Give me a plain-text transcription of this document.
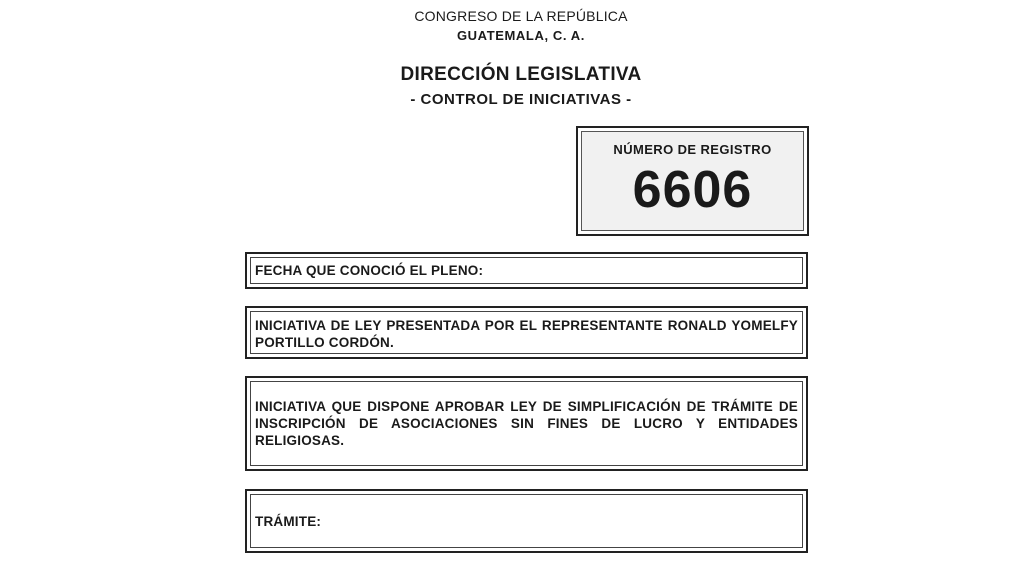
CONGRESO DE LA REPÚBLICA
GUATEMALA, C. A.
DIRECCIÓN LEGISLATIVA
- CONTROL DE INICIATIVAS -
NÚMERO DE REGISTRO
6606
FECHA QUE CONOCIÓ EL PLENO:
INICIATIVA DE LEY PRESENTADA POR EL REPRESENTANTE RONALD YOMELFY PORTILLO CORDÓN.
INICIATIVA QUE DISPONE APROBAR LEY DE SIMPLIFICACIÓN DE TRÁMITE DE INSCRIPCIÓN DE ASOCIACIONES SIN FINES DE LUCRO Y ENTIDADES RELIGIOSAS.
TRÁMITE:
